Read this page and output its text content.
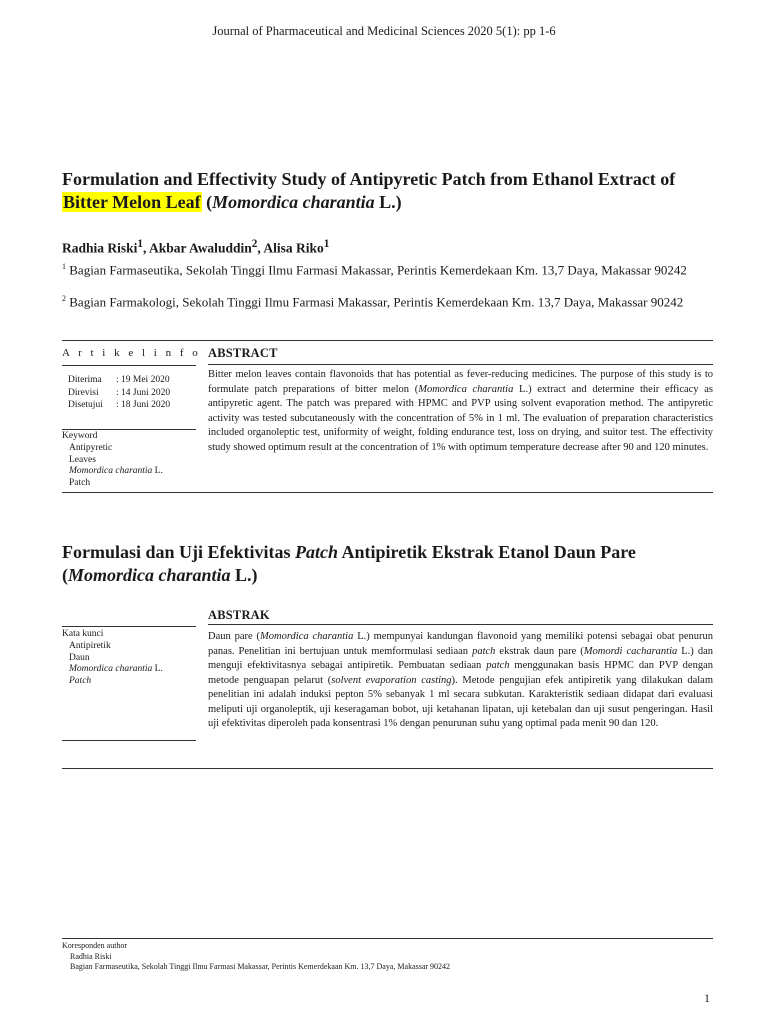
Journal of Pharmaceutical and Medicinal Sciences 2020 5(1): pp 1-6
Formulation and Effectivity Study of Antipyretic Patch from Ethanol Extract of Bitter Melon Leaf (Momordica charantia L.)
Radhia Riski$^1$, Akbar Awaluddin$^2$, Alisa Riko$^1$
$^1$ Bagian Farmaseutika, Sekolah Tinggi Ilmu Farmasi Makassar, Perintis Kemerdekaan Km. 13,7 Daya, Makassar 90242
$^2$ Bagian Farmakologi, Sekolah Tinggi Ilmu Farmasi Makassar, Perintis Kemerdekaan Km. 13,7 Daya, Makassar 90242
A r t i k e l i n f o
Diterima	: 19 Mei 2020
Direvisi	: 14 Juni 2020
Disetujui	: 18 Juni 2020
Keyword
Antipyretic
Leaves
Momordica charantia L.
Patch
ABSTRACT
Bitter melon leaves contain flavonoids that has potential as fever-reducing medicines. The purpose of this study is to formulate patch preparations of bitter melon (Momordica charantia L.) extract and determine their efficacy as antipyretic agent. The patch was prepared with HPMC and PVP using solvent evaporation method. The antipyretic activity was tested subcutaneously with the concentration of 5% in 1 ml. The evaluation of preparation characteristics included organoleptic test, uniformity of weight, folding endurance test, loss on drying, and suitor test. The effectivity study showed optimum result at the concentration of 1% with optimum temperature decrease after 90 and 120 minutes.
Formulasi dan Uji Efektivitas Patch Antipiretik Ekstrak Etanol Daun Pare (Momordica charantia L.)
Kata kunci
Antipiretik
Daun
Momordica charantia L.
Patch
ABSTRAK
Daun pare (Momordica charantia L.) mempunyai kandungan flavonoid yang memiliki potensi sebagai obat penurun panas. Penelitian ini bertujuan untuk memformulasi sediaan patch ekstrak daun pare (Momordi cacharantia L.) dan menguji efektivitasnya sebagai antipiretik. Pembuatan sediaan patch menggunakan basis HPMC dan PVP dengan metode penguapan pelarut (solvent evaporation casting). Metode pengujian efek antipiretik yang dilakukan dalam penelitian ini adalah induksi pepton 5% sebanyak 1 ml secara subkutan. Karakteristik sediaan didapat dari evaluasi meliputi uji organoleptik, uji keseragaman bobot, uji ketahanan lipatan, uji ketebalan dan uji susut pengeringan. Hasil uji efektivitas diperoleh pada konsentrasi 1% dengan penurunan suhu yang optimal pada menit 90 dan 120.
Koresponden author
Radhia Riski
Bagian Farmaseutika, Sekolah Tinggi Ilmu Farmasi Makassar, Perintis Kemerdekaan Km. 13,7 Daya, Makassar 90242
1
